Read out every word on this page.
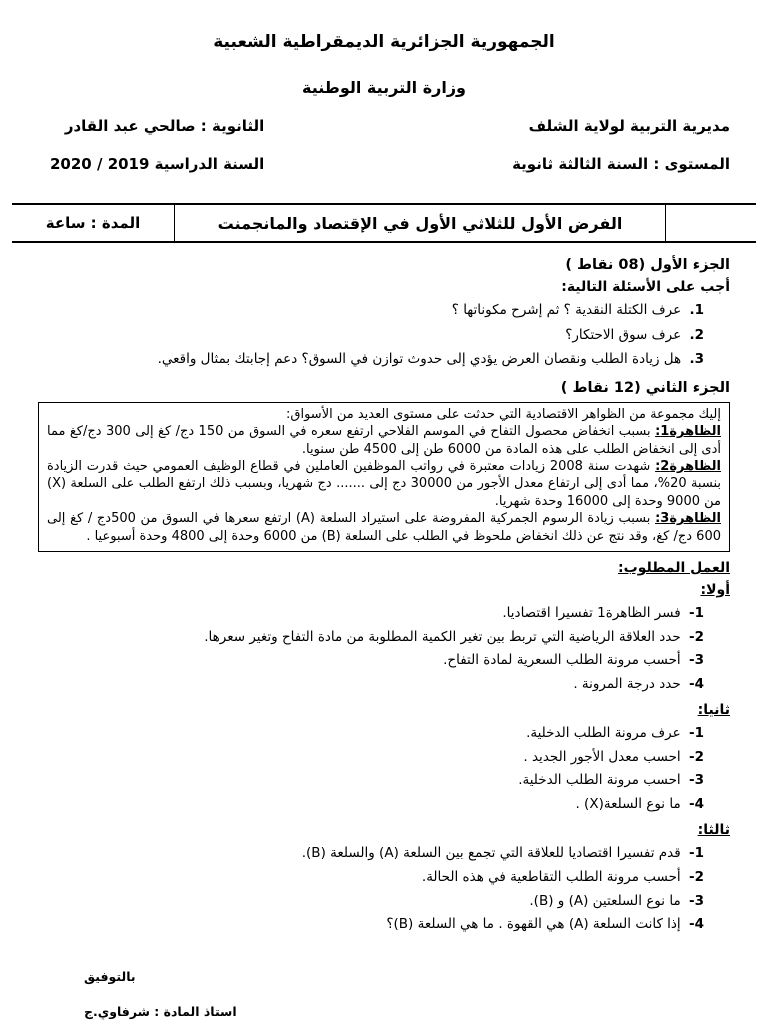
الجمهورية الجزائرية الديمقراطية الشعبية

وزارة التربية الوطنية

مديرية التربية لولاية الشلف

المستوى : السنة الثالثة ثانوية

الثانوية : صالحي عبد القادر

السنة الدراسية 2019 / 2020

الفرض الأول للثلاثي الأول في الإقتصاد والمانجمنت
المدة : ساعة

الجزء الأول (08 نقاط )

أجب على الأسئلة التالية:

1. عرف الكتلة النقدية ؟ ثم إشرح مكوناتها ؟

2. عرف سوق الاحتكار؟

3. هل زيادة الطلب ونقصان العرض يؤدي إلى حدوث توازن في السوق؟ دعم إجابتك بمثال واقعي.

الجزء الثاني (12 نقاط )

إليك مجموعة من الظواهر الاقتصادية التي حدثت على مستوى العديد من الأسواق:

الظاهرة1: بسبب انخفاض محصول التفاح في الموسم الفلاحي ارتفع سعره في السوق من 150 دج/ كغ إلى 300 دج/كغ مما أدى إلى انخفاض الطلب على هذه المادة من 6000 طن إلى 4500 طن سنويا.

الظاهرة2: شهدت سنة 2008 زيادات معتبرة في رواتب الموظفين العاملين في قطاع الوظيف العمومي حيث قدرت الزيادة بنسبة 20%، مما أدى إلى ارتفاع معدل الأجور من 30000 دج إلى ....... دج شهريا، وبسبب ذلك ارتفع الطلب على السلعة (X) من 9000 وحدة إلى 16000 وحدة شهريا.

الظاهرة3: بسبب زيادة الرسوم الجمركية المفروضة على استيراد السلعة (A) ارتفع سعرها في السوق من 500دج / كغ إلى 600 دج/ كغ، وقد نتج عن ذلك انخفاض ملحوظ في الطلب على السلعة (B) من 6000 وحدة إلى 4800 وحدة أسبوعيا .

العمل المطلوب:

أولا:

1- فسر الظاهرة1 تفسيرا اقتصاديا.

2- حدد العلاقة الرياضية التي تربط بين تغير الكمية المطلوبة من مادة التفاح وتغير سعرها.

3- أحسب مرونة الطلب السعرية لمادة التفاح.

4- حدد درجة المرونة .

ثانيا:

1- عرف مرونة الطلب الدخلية.

2- احسب معدل الأجور الجديد .

3- احسب مرونة الطلب الدخلية.

4- ما نوع السلعة(X) .

ثالثا:

1- قدم تفسيرا اقتصاديا للعلاقة التي تجمع بين السلعة (A) والسلعة (B).

2- أحسب مرونة الطلب التقاطعية في هذه الحالة.

3- ما نوع السلعتين (A) و (B).

4- إذا كانت السلعة (A) هي القهوة . ما هي السلعة (B)؟

بالتوفيق

استاذ المادة : شرفاوي.ج
